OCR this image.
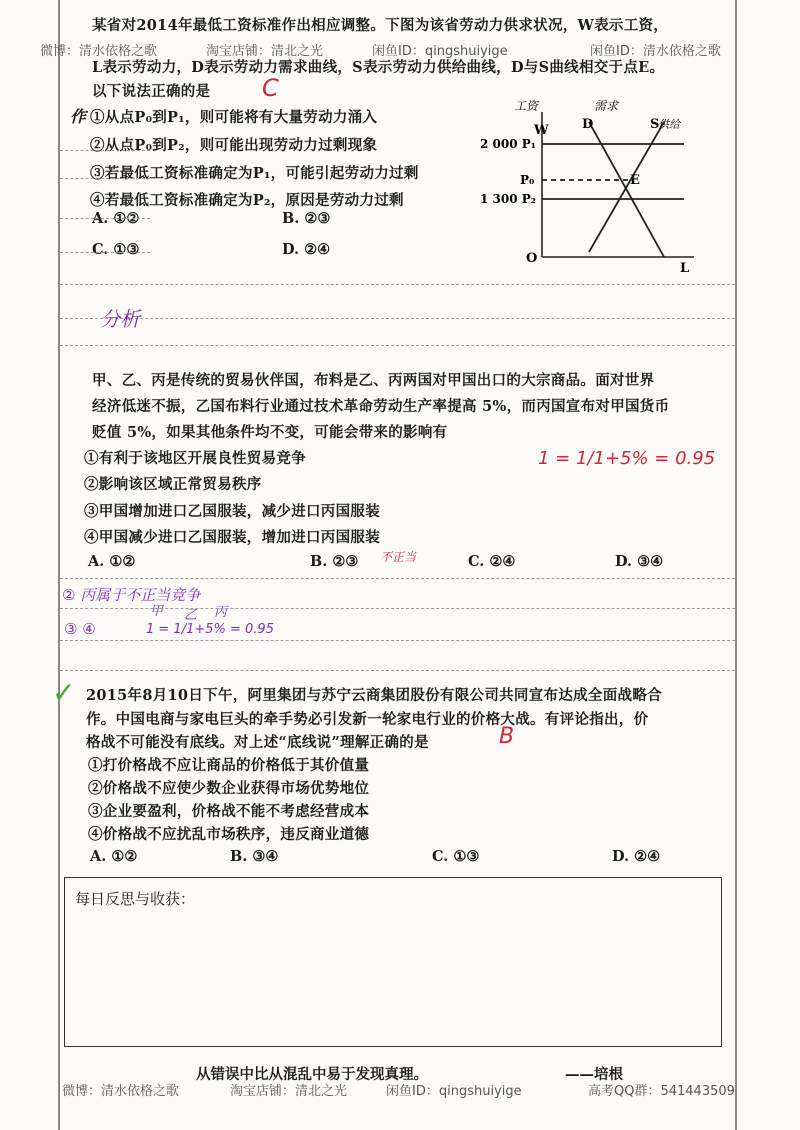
微博：清水依格之歌	淘宝店铺：清北之光	闲鱼ID：qingshuiyige	闲鱼ID：清水依格之歌
某省对2014年最低工资标准作出相应调整。下图为该省劳动力供求状况，W表示工资，
L表示劳动力，D表示劳动力需求曲线，S表示劳动力供给曲线，D与S曲线相交于点E。
以下说法正确的是 C
作 ①从点P₀到P₁，则可能将有大量劳动力涌入
②从点P₀到P₂，则可能出现劳动力过剩现象
③若最低工资标准确定为P₁，可能引起劳动力过剩
④若最低工资标准确定为P₂，原因是劳动力过剩
A. ①②	B. ②③
C. ①③	D. ②④
分析
W
L
O
D	S
E
2 000 P₁
P₀
1 300 P₂
工资	需求
供给
甲、乙、丙是传统的贸易伙伴国，布料是乙、丙两国对甲国出口的大宗商品。面对世界
经济低迷不振，乙国布料行业通过技术革命劳动生产率提高 5%，而丙国宣布对甲国货币
贬值 5%，如果其他条件均不变，可能会带来的影响有
①有利于该地区开展良性贸易竞争
②影响该区域正常贸易秩序
③甲国增加进口乙国服装，减少进口丙国服装
④甲国减少进口乙国服装，增加进口丙国服装
A. ①②	B. ②③	C. ②④	D. ③④
1 = 1/1+5% = 0.95
不正当
② 丙属于不正当竞争
③ ④
甲 乙 丙
1 = 1/1+5% = 0.95
✓ 2015年8月10日下午，阿里集团与苏宁云商集团股份有限公司共同宣布达成全面战略合
作。中国电商与家电巨头的牵手势必引发新一轮家电行业的价格大战。有评论指出，价
格战不可能没有底线。对上述“底线说”理解正确的是	B
①打价格战不应让商品的价格低于其价值量
②价格战不应使少数企业获得市场优势地位
③企业要盈利，价格战不能不考虑经营成本
④价格战不应扰乱市场秩序，违反商业道德
A. ①②	B. ③④	C. ①③	D. ②④
每日反思与收获：
从错误中比从混乱中易于发现真理。	——培根
微博：清水依格之歌	淘宝店铺：清北之光	闲鱼ID：qingshuiyige	高考QQ群：541443509
